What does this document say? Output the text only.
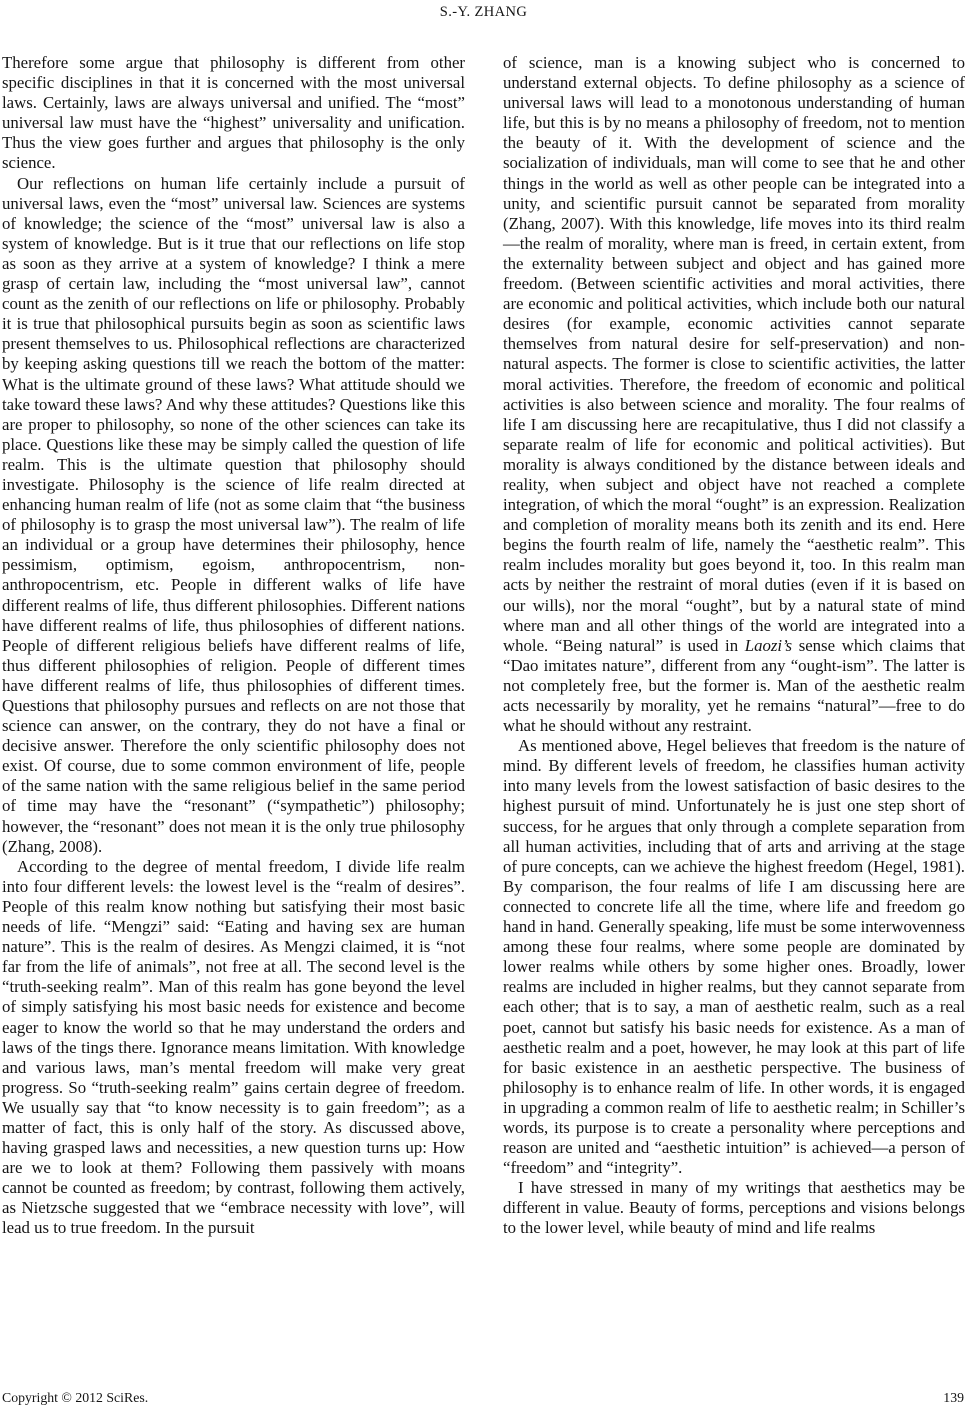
S.-Y. ZHANG

Therefore some argue that philosophy is different from other specific disciplines in that it is concerned with the most universal laws. Certainly, laws are always universal and unified. The “most” universal law must have the “highest” universality and unification. Thus the view goes further and argues that philosophy is the only science.

Our reflections on human life certainly include a pursuit of universal laws, even the “most” universal law. Sciences are systems of knowledge; the science of the “most” universal law is also a system of knowledge. But is it true that our reflections on life stop as soon as they arrive at a system of knowledge? I think a mere grasp of certain law, including the “most universal law”, cannot count as the zenith of our reflections on life or philosophy. Probably it is true that philosophical pursuits begin as soon as scientific laws present themselves to us. Philosophical reflections are characterized by keeping asking questions till we reach the bottom of the matter: What is the ultimate ground of these laws? What attitude should we take toward these laws? And why these attitudes? Questions like this are proper to philosophy, so none of the other sciences can take its place. Questions like these may be simply called the question of life realm. This is the ultimate question that philosophy should investigate. Philosophy is the science of life realm directed at enhancing human realm of life (not as some claim that “the business of philosophy is to grasp the most universal law”). The realm of life an individual or a group have determines their philosophy, hence pessimism, optimism, egoism, anthropocentrism, non-anthropocentrism, etc. People in different walks of life have different realms of life, thus different philosophies. Different nations have different realms of life, thus philosophies of different nations. People of different religious beliefs have different realms of life, thus different philosophies of religion. People of different times have different realms of life, thus philosophies of different times. Questions that philosophy pursues and reflects on are not those that science can answer, on the contrary, they do not have a final or decisive answer. Therefore the only scientific philosophy does not exist. Of course, due to some common environment of life, people of the same nation with the same religious belief in the same period of time may have the “resonant” (“sympathetic”) philosophy; however, the “resonant” does not mean it is the only true philosophy (Zhang, 2008).

According to the degree of mental freedom, I divide life realm into four different levels: the lowest level is the “realm of desires”. People of this realm know nothing but satisfying their most basic needs of life. “Mengzi” said: “Eating and having sex are human nature”. This is the realm of desires. As Mengzi claimed, it is “not far from the life of animals”, not free at all. The second level is the “truth-seeking realm”. Man of this realm has gone beyond the level of simply satisfying his most basic needs for existence and become eager to know the world so that he may understand the orders and laws of the tings there. Ignorance means limitation. With knowledge and various laws, man’s mental freedom will make very great progress. So “truth-seeking realm” gains certain degree of freedom. We usually say that “to know necessity is to gain freedom”; as a matter of fact, this is only half of the story. As discussed above, having grasped laws and necessities, a new question turns up: How are we to look at them? Following them passively with moans cannot be counted as freedom; by contrast, following them actively, as Nietzsche suggested that we “embrace necessity with love”, will lead us to true freedom. In the pursuit

of science, man is a knowing subject who is concerned to understand external objects. To define philosophy as a science of universal laws will lead to a monotonous understanding of human life, but this is by no means a philosophy of freedom, not to mention the beauty of it. With the development of science and the socialization of individuals, man will come to see that he and other things in the world as well as other people can be integrated into a unity, and scientific pursuit cannot be separated from morality (Zhang, 2007). With this knowledge, life moves into its third realm—the realm of morality, where man is freed, in certain extent, from the externality between subject and object and has gained more freedom. (Between scientific activities and moral activities, there are economic and political activities, which include both our natural desires (for example, economic activities cannot separate themselves from natural desire for self-preservation) and non-natural aspects. The former is close to scientific activities, the latter moral activities. Therefore, the freedom of economic and political activities is also between science and morality. The four realms of life I am discussing here are recapitulative, thus I did not classify a separate realm of life for economic and political activities). But morality is always conditioned by the distance between ideals and reality, when subject and object have not reached a complete integration, of which the moral “ought” is an expression. Realization and completion of morality means both its zenith and its end. Here begins the fourth realm of life, namely the “aesthetic realm”. This realm includes morality but goes beyond it, too. In this realm man acts by neither the restraint of moral duties (even if it is based on our wills), nor the moral “ought”, but by a natural state of mind where man and all other things of the world are integrated into a whole. “Being natural” is used in Laozi’s sense which claims that “Dao imitates nature”, different from any “ought-ism”. The latter is not completely free, but the former is. Man of the aesthetic realm acts necessarily by morality, yet he remains “natural”—free to do what he should without any restraint.

As mentioned above, Hegel believes that freedom is the nature of mind. By different levels of freedom, he classifies human activity into many levels from the lowest satisfaction of basic desires to the highest pursuit of mind. Unfortunately he is just one step short of success, for he argues that only through a complete separation from all human activities, including that of arts and arriving at the stage of pure concepts, can we achieve the highest freedom (Hegel, 1981). By comparison, the four realms of life I am discussing here are connected to concrete life all the time, where life and freedom go hand in hand. Generally speaking, life must be some interwovenness among these four realms, where some people are dominated by lower realms while others by some higher ones. Broadly, lower realms are included in higher realms, but they cannot separate from each other; that is to say, a man of aesthetic realm, such as a real poet, cannot but satisfy his basic needs for existence. As a man of aesthetic realm and a poet, however, he may look at this part of life for basic existence in an aesthetic perspective. The business of philosophy is to enhance realm of life. In other words, it is engaged in upgrading a common realm of life to aesthetic realm; in Schiller’s words, its purpose is to create a personality where perceptions and reason are united and “aesthetic intuition” is achieved—a person of “freedom” and “integrity”.

I have stressed in many of my writings that aesthetics may be different in value. Beauty of forms, perceptions and visions belongs to the lower level, while beauty of mind and life realms

Copyright © 2012 SciRes.	139
